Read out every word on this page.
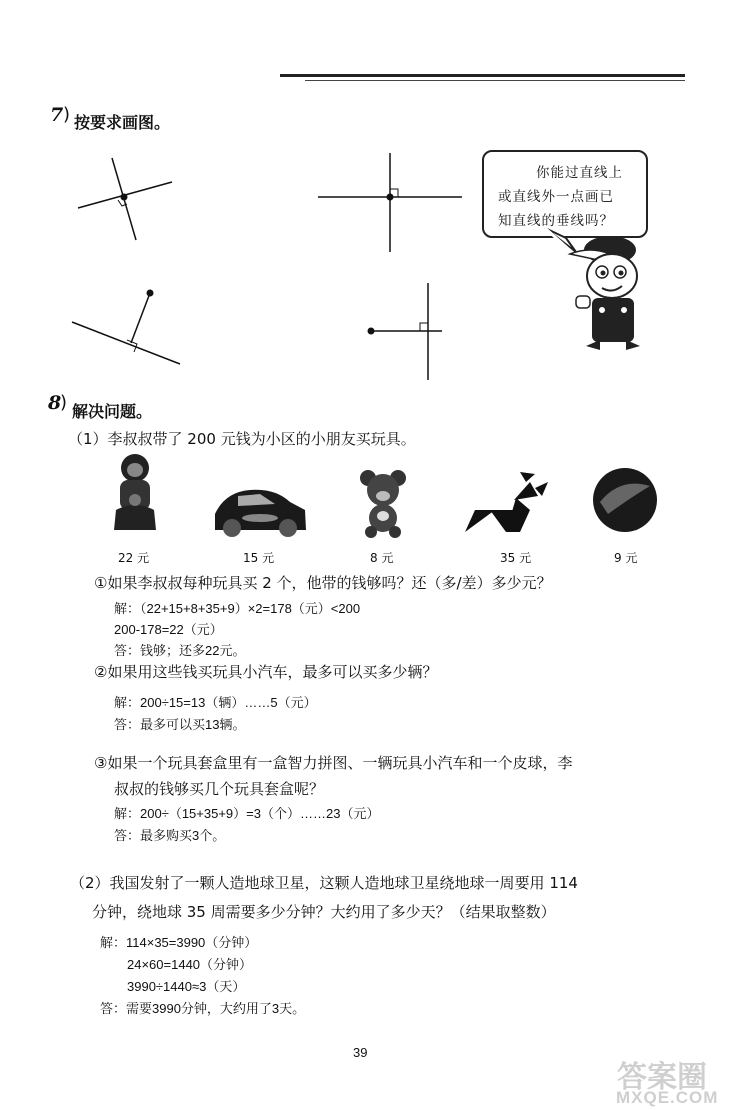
7 ) 按要求画图。
你能过直线上
或直线外一点画已
知直线的垂线吗？
8
) 解决问题。
（1）李叔叔带了 200 元钱为小区的小朋友买玩具。
22 元	15 元	8 元	35 元	9 元
①如果李叔叔每种玩具买 2 个，他带的钱够吗？还（多/差）多少元？
解：（22+15+8+35+9）×2=178（元）<200
200-178=22（元）
答：钱够；还多22元。
②如果用这些钱买玩具小汽车，最多可以买多少辆？
解：200÷15=13（辆）……5（元）
答：最多可以买13辆。
③如果一个玩具套盒里有一盒智力拼图、一辆玩具小汽车和一个皮球，李
叔叔的钱够买几个玩具套盒呢？
解：200÷（15+35+9）=3（个）……23（元）
答：最多购买3个。
（2）我国发射了一颗人造地球卫星，这颗人造地球卫星绕地球一周要用 114
分钟，绕地球 35 周需要多少分钟？大约用了多少天？（结果取整数）
解：114×35=3990（分钟）
24×60=1440（分钟）
3990÷1440≈3（天）
答：需要3990分钟，大约用了3天。
39
答案圈
MXQE.COM
